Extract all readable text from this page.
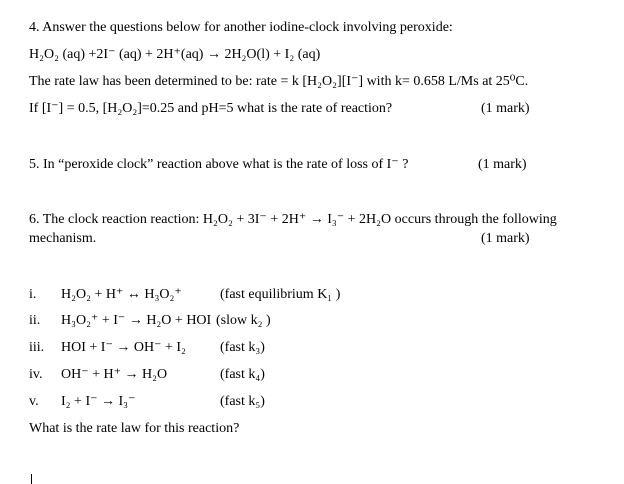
4. Answer the questions below for another iodine-clock involving peroxide:
H₂O₂ (aq) +2I⁻ (aq) + 2H⁺(aq) → 2H₂O(l) + I₂ (aq)
The rate law has been determined to be: rate = k [H₂O₂][I⁻] with k= 0.658 L/Ms at 25⁰C.
If [I⁻] = 0.5, [H₂O₂]=0.25 and pH=5 what is the rate of reaction?	(1 mark)
5. In “peroxide clock” reaction above what is the rate of loss of I⁻ ?	(1 mark)
6. The clock reaction reaction: H₂O₂ + 3I⁻ + 2H⁺ → I₃⁻ + 2H₂O occurs through the following
mechanism.	(1 mark)
i. H₂O₂ + H⁺ ↔ H₃O₂⁺	(fast equilibrium K₁ )
ii. H₃O₂⁺ + I⁻ → H₂O + HOI (slow k₂ )
iii. HOI + I⁻ → OH⁻ + I₂ (fast k₃)
iv. OH⁻ + H⁺ → H₂O	(fast k₄)
v. I₂ + I⁻ → I₃⁻	(fast k₅)
What is the rate law for this reaction?
